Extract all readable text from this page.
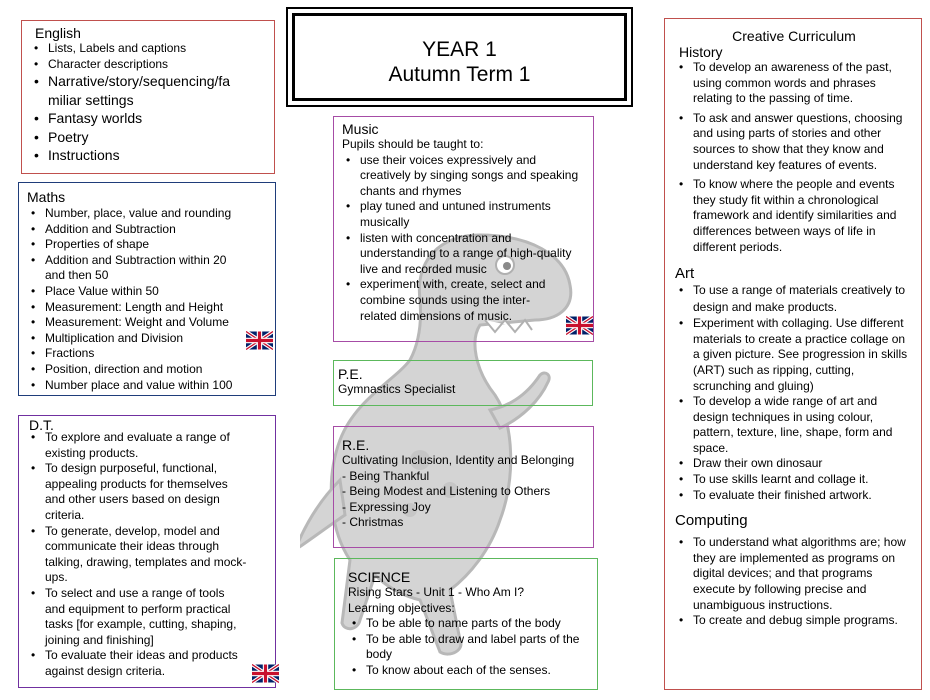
YEAR 1
Autumn Term 1
English
• Lists, Labels and captions
• Character descriptions
• Narrative/story/sequencing/fa miliar settings
• Fantasy worlds
• Poetry
• Instructions
Maths
• Number, place, value and rounding
• Addition and Subtraction
• Properties of shape
• Addition and Subtraction within 20 and then 50
• Place Value within 50
• Measurement: Length and Height
• Measurement: Weight and Volume
• Multiplication and Division
• Fractions
• Position, direction and motion
• Number place and value within 100
D.T.
• To explore and evaluate a range of existing products.
• To design purposeful, functional, appealing products for themselves and other users based on design criteria.
• To generate, develop, model and communicate their ideas through talking, drawing, templates and mock- ups.
• To select and use a range of tools and equipment to perform practical tasks [for example, cutting, shaping, joining and finishing]
• To evaluate their ideas and products against design criteria.
Music
Pupils should be taught to:
• use their voices expressively and creatively by singing songs and speaking chants and rhymes
• play tuned and untuned instruments musically
• listen with concentration and understanding to a range of high-quality live and recorded music
• experiment with, create, select and combine sounds using the inter-related dimensions of music.
P.E.
Gymnastics Specialist
R.E.
Cultivating Inclusion, Identity and Belonging
- Being Thankful
- Being Modest and Listening to Others
- Expressing Joy
- Christmas
SCIENCE
Rising Stars - Unit 1 - Who Am I?
Learning objectives:
• To be able to name parts of the body
• To be able to draw and label parts of the body
• To know about each of the senses.
Creative Curriculum
History
• To develop an awareness of the past, using common words and phrases relating to the passing of time.
• To ask and answer questions, choosing and using parts of stories and other sources to show that they know and understand key features of events.
• To know where the people and events they study fit within a chronological framework and identify similarities and differences between ways of life in different periods.
Art
• To use a range of materials creatively to design and make products.
• Experiment with collaging. Use different materials to create a practice collage on a given picture. See progression in skills (ART) such as ripping, cutting, scrunching and gluing)
• To develop a wide range of art and design techniques in using colour, pattern, texture, line, shape, form and space.
• Draw their own dinosaur
• To use skills learnt and collage it.
• To evaluate their finished artwork.
Computing
• To understand what algorithms are; how they are implemented as programs on digital devices; and that programs execute by following precise and unambiguous instructions.
• To create and debug simple programs.
